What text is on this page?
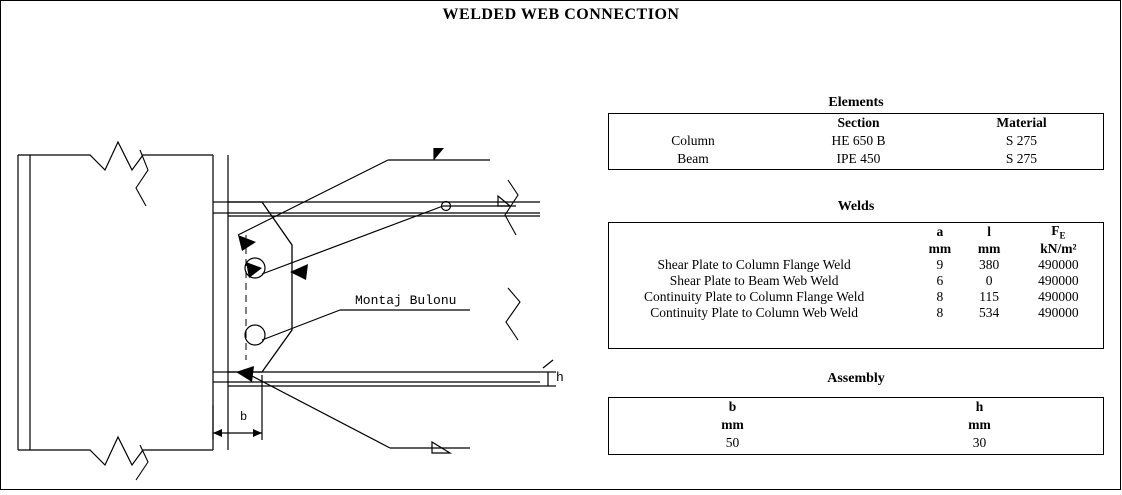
WELDED WEB CONNECTION
Montaj Bulonu
b
h
Elements
	Section	Material
Column	HE 650 B	S 275
Beam	IPE 450	S 275
Welds
	a	l	$F_E$
	mm	mm	kN/m²
Shear Plate to Column Flange Weld	9	380	490000
Shear Plate to Beam Web Weld	6	0	490000
Continuity Plate to Column Flange Weld	8	115	490000
Continuity Plate to Column Web Weld	8	534	490000
Assembly
b	h
mm	mm
50	30
